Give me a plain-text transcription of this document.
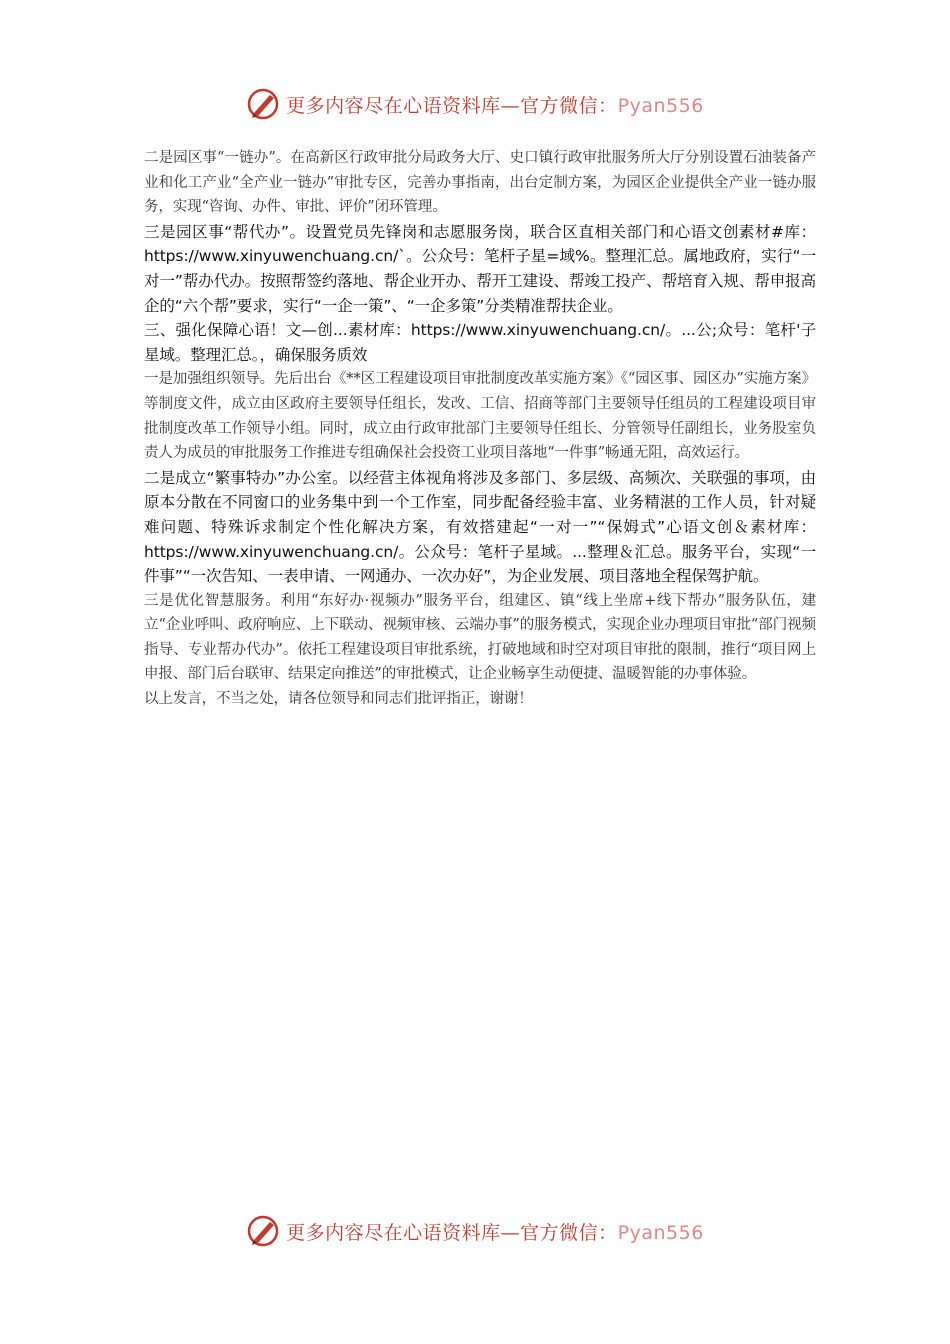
更多内容尽在心语资料库—官方微信：Pyan556

二是园区事“一链办”。在高新区行政审批分局政务大厅、史口镇行政审批服务所大厅分别设置石油装备产业和化工产业“全产业一链办”审批专区，完善办事指南，出台定制方案，为园区企业提供全产业一链办服务，实现“咨询、办件、审批、评价”闭环管理。

三是园区事“帮代办”。设置党员先锋岗和志愿服务岗，联合区直相关部门和心语文创素材#库：https://www.xinyuwenchuang.cn/`。公众号：笔杆子星=域%。整理汇总。属地政府，实行“一对一”帮办代办。按照帮签约落地、帮企业开办、帮开工建设、帮竣工投产、帮培育入规、帮申报高企的“六个帮”要求，实行“一企一策”、“一企多策”分类精准帮扶企业。

三、强化保障心语！文—创...素材库：https://www.xinyuwenchuang.cn/。...公;众号：笔杆'子星域。整理汇总。，确保服务质效

一是加强组织领导。先后出台《**区工程建设项目审批制度改革实施方案》《“园区事、园区办”实施方案》等制度文件，成立由区政府主要领导任组长，发改、工信、招商等部门主要领导任组员的工程建设项目审批制度改革工作领导小组。同时，成立由行政审批部门主要领导任组长、分管领导任副组长，业务股室负责人为成员的审批服务工作推进专组确保社会投资工业项目落地“一件事”畅通无阻，高效运行。

二是成立“繁事特办”办公室。以经营主体视角将涉及多部门、多层级、高频次、关联强的事项，由原本分散在不同窗口的业务集中到一个工作室，同步配备经验丰富、业务精湛的工作人员，针对疑难问题、特殊诉求制定个性化解决方案，有效搭建起“一对一”“保姆式”心语文创＆素材库：https://www.xinyuwenchuang.cn/。公众号：笔杆子星域。...整理＆汇总。服务平台，实现“一件事”“一次告知、一表申请、一网通办、一次办好”，为企业发展、项目落地全程保驾护航。

三是优化智慧服务。利用“东好办·视频办”服务平台，组建区、镇“线上坐席+线下帮办”服务队伍，建立“企业呼叫、政府响应、上下联动、视频审核、云端办事”的服务模式，实现企业办理项目审批“部门视频指导、专业帮办代办”。依托工程建设项目审批系统，打破地域和时空对项目审批的限制，推行“项目网上申报、部门后台联审、结果定向推送”的审批模式，让企业畅享生动便捷、温暖智能的办事体验。

以上发言，不当之处，请各位领导和同志们批评指正，谢谢！

更多内容尽在心语资料库—官方微信：Pyan556
